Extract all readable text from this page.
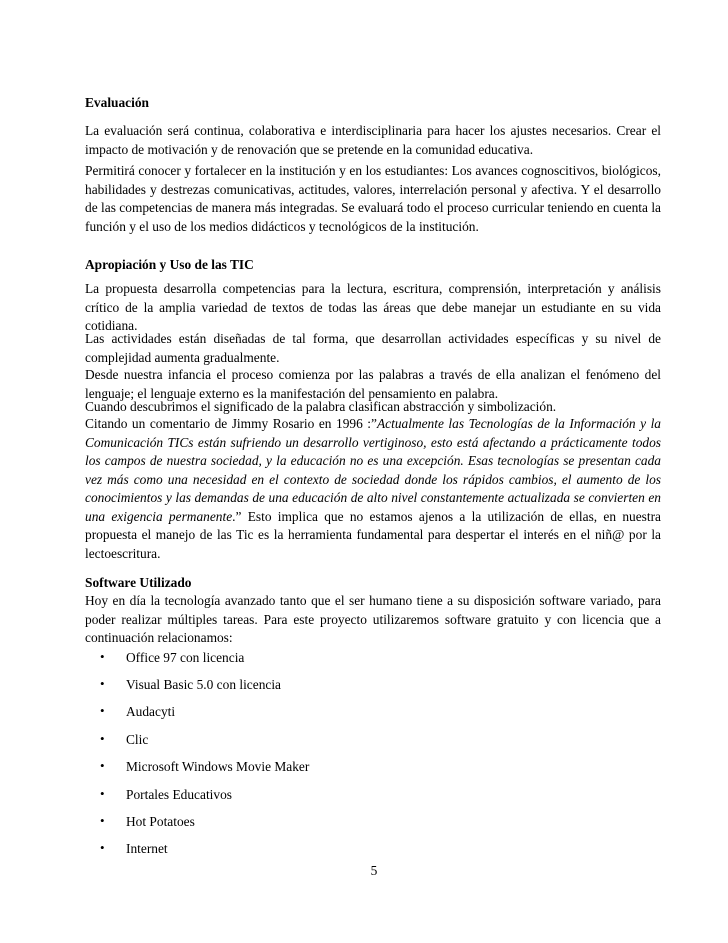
Evaluación
La evaluación será continua, colaborativa e interdisciplinaria para hacer los ajustes necesarios. Crear el impacto de motivación y de renovación que se pretende en la comunidad educativa.
Permitirá conocer y fortalecer en la institución y en los estudiantes: Los avances cognoscitivos, biológicos, habilidades y destrezas comunicativas, actitudes, valores, interrelación personal y afectiva. Y el desarrollo de las competencias de manera más integradas. Se evaluará todo el proceso curricular teniendo en cuenta la función y el uso de los medios didácticos y tecnológicos de la institución.
Apropiación y Uso de las TIC
La propuesta desarrolla competencias para la lectura, escritura, comprensión, interpretación y análisis crítico de la amplia variedad de textos de todas las áreas que debe manejar un estudiante en su vida cotidiana.
Las actividades están diseñadas de tal forma, que desarrollan actividades específicas y su nivel de complejidad aumenta gradualmente.
Desde nuestra infancia el proceso comienza por las palabras a través de ella analizan el fenómeno del lenguaje; el lenguaje externo es la manifestación del pensamiento en palabra.
Cuando descubrimos el significado de la palabra clasifican abstracción y simbolización.
Citando un comentario de Jimmy Rosario en 1996 :”Actualmente las Tecnologías de la Información y la Comunicación TICs están sufriendo un desarrollo vertiginoso, esto está afectando a prácticamente todos los campos de nuestra sociedad, y la educación no es una excepción. Esas tecnologías se presentan cada vez más como una necesidad en el contexto de sociedad donde los rápidos cambios, el aumento de los conocimientos y las demandas de una educación de alto nivel constantemente actualizada se convierten en una exigencia permanente.” Esto implica que no estamos ajenos a la utilización de ellas, en nuestra propuesta el manejo de las Tic es la herramienta fundamental para despertar el interés en el niñ@ por la lectoescritura.
Software Utilizado
Hoy en día la tecnología avanzado tanto que el ser humano tiene a su disposición software variado, para poder realizar múltiples tareas. Para este proyecto utilizaremos software gratuito y con licencia que a continuación relacionamos:
• Office 97 con licencia
• Visual Basic 5.0 con licencia
• Audacyti
• Clic
• Microsoft Windows Movie Maker
• Portales Educativos
• Hot Potatoes
• Internet
5
